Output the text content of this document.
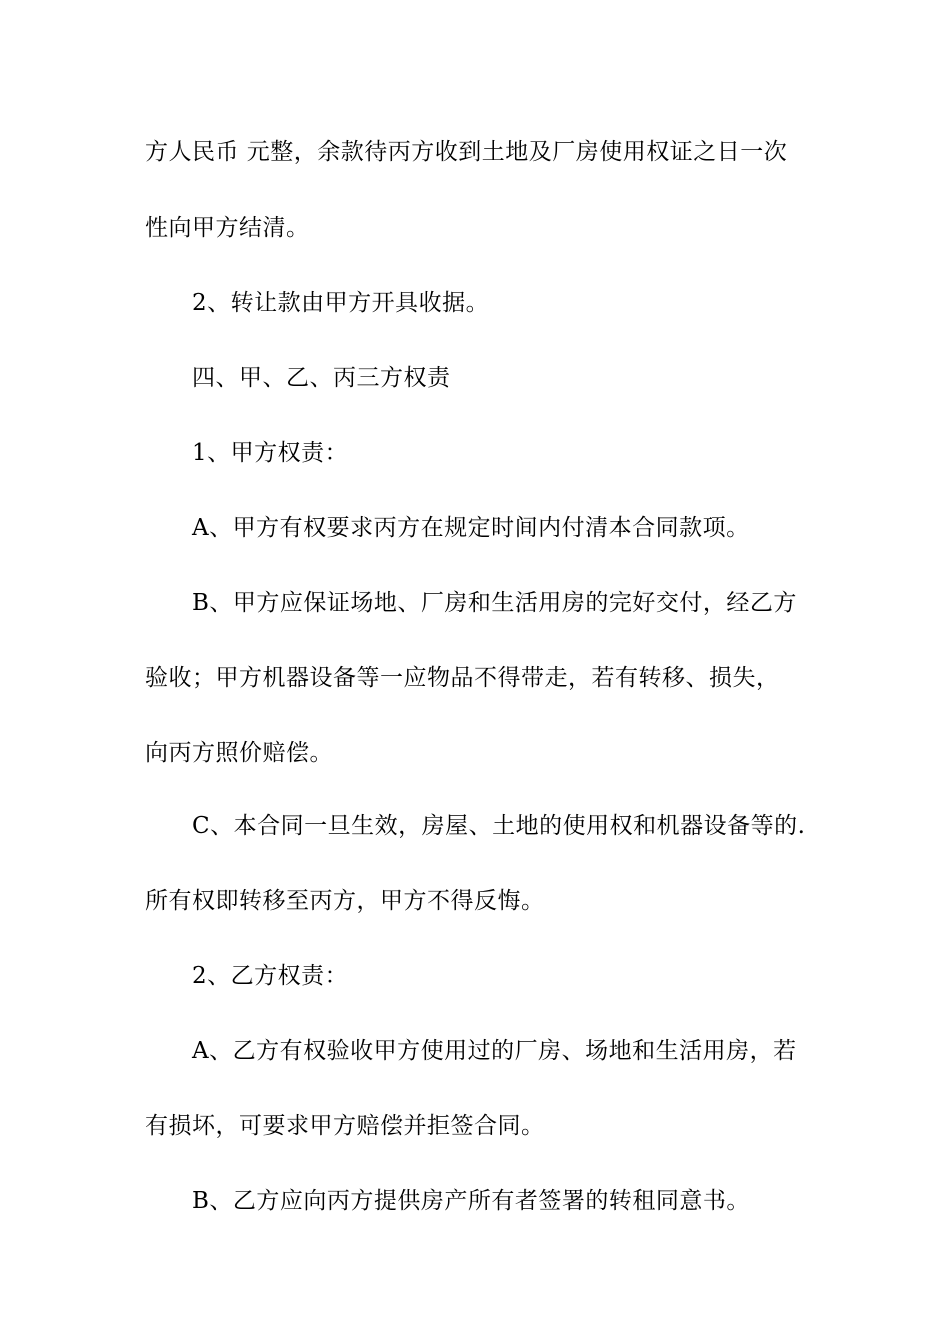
方人民币 元整，余款待丙方收到土地及厂房使用权证之日一次
性向甲方结清。
2、转让款由甲方开具收据。
四、甲、乙、丙三方权责
1、甲方权责：
A、甲方有权要求丙方在规定时间内付清本合同款项。
B、甲方应保证场地、厂房和生活用房的完好交付，经乙方
验收；甲方机器设备等一应物品不得带走，若有转移、损失，
向丙方照价赔偿。
C、本合同一旦生效，房屋、土地的使用权和机器设备等的.
所有权即转移至丙方，甲方不得反悔。
2、乙方权责：
A、乙方有权验收甲方使用过的厂房、场地和生活用房，若
有损坏，可要求甲方赔偿并拒签合同。
B、乙方应向丙方提供房产所有者签署的转租同意书。
